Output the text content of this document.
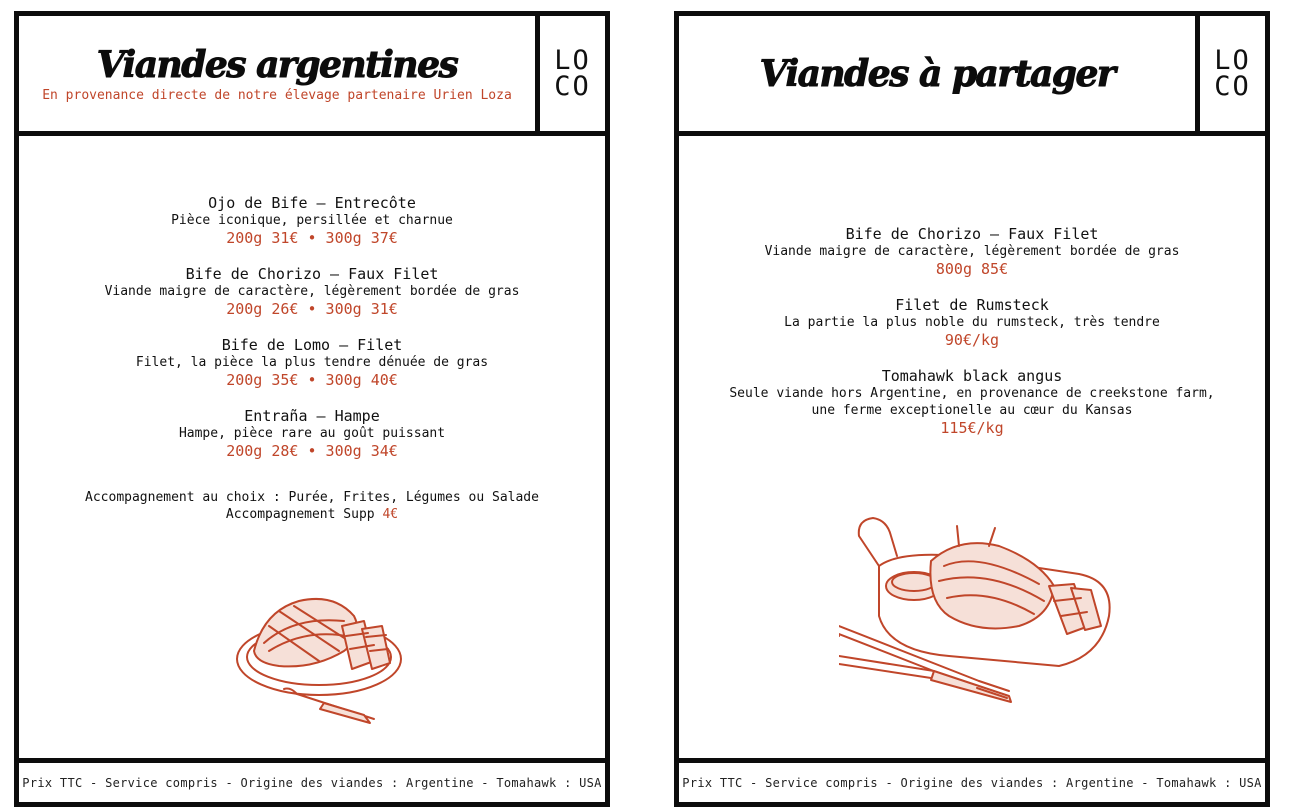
Viandes argentines
En provenance directe de notre élevage partenaire Urien Loza
LO
CO
Ojo de Bife – Entrecôte
Pièce iconique, persillée et charnue
200g 31€ • 300g 37€
Bife de Chorizo – Faux Filet
Viande maigre de caractère, légèrement bordée de gras
200g 26€ • 300g 31€
Bife de Lomo – Filet
Filet, la pièce la plus tendre dénuée de gras
200g 35€ • 300g 40€
Entraña – Hampe
Hampe, pièce rare au goût puissant
200g 28€ • 300g 34€
Accompagnement au choix : Purée, Frites, Légumes ou Salade
Accompagnement Supp 4€
Prix TTC - Service compris - Origine des viandes : Argentine - Tomahawk : USA
Viandes à partager	LO
CO
Bife de Chorizo – Faux Filet
Viande maigre de caractère, légèrement bordée de gras
800g 85€
Filet de Rumsteck
La partie la plus noble du rumsteck, très tendre
90€/kg
Tomahawk black angus
Seule viande hors Argentine, en provenance de creekstone farm,
une ferme exceptionelle au cœur du Kansas
115€/kg
Prix TTC - Service compris - Origine des viandes : Argentine - Tomahawk : USA
